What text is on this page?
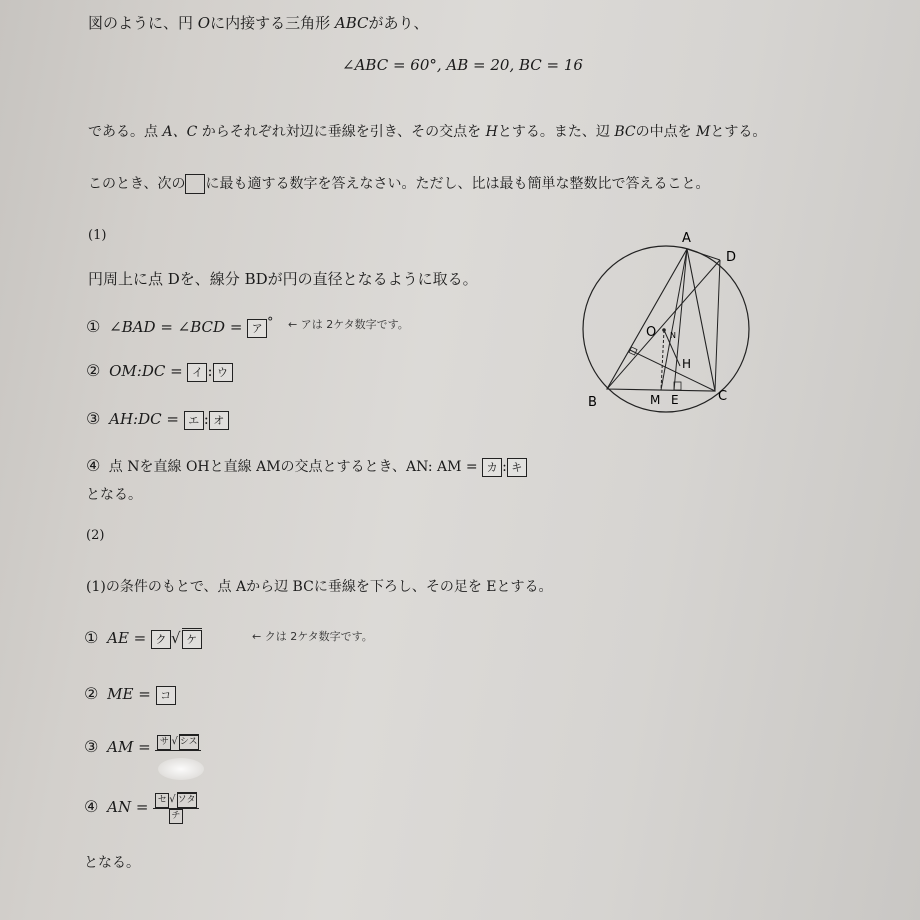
図のように、円 Oに内接する三角形 ABCがあり、
∠ABC = 60°, AB = 20, BC = 16
である。点 A、C からそれぞれ対辺に垂線を引き、その交点を Hとする。また、辺 BCの中点を Mとする。
このとき、次の に最も適する数字を答えなさい。ただし、比は最も簡単な整数比で答えること。
(1)
円周上に点 Dを、線分 BDが円の直径となるように取る。
① ∠BAD = ∠BCD = ア ° ← アは 2ケタ数字です。
② OM:DC = イ : ウ
③ AH:DC = エ : オ
④ 点 Nを直線 OHと直線 AMの交点とするとき、AN: AM = カ : キ
となる。
(2)
(1)の条件のもとで、点 Aから辺 BCに垂線を下ろし、その足を Eとする。
① AE = ク √ ケ	← クは 2ケタ数字です。
② ME = コ
③ AM =	サ √ シス

④ AN = $\frac{\text{セ √ ソタ}}{\text{チ}}$
となる。
A
D
B	C
O N
H
M E
